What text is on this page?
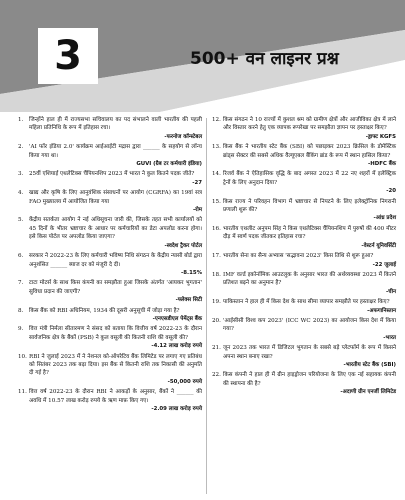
3	500+ वन लाइनर प्रश्न
1. जिन्होंने हाल ही में राज्यसभा सचिवालय का पद संभालने वाली भारतीय की पहली महिला प्रतिनिधि के रूप में इतिहास रचा।
-फरनोज कॉन्स्टेबल
2. 'AI फॉर इंडिया 2.0' कार्यक्रम आईआईटी मद्रास द्वारा ______ के सहयोग से लॉन्च किया गया था।
GUVI (ग्रैब टर कर्मचारी इंडिया)
3. 25वीं एशियाई एथलेटिक्स चैंपियनशिप 2023 में भारत ने कुल कितने पदक जीते?
-27
4. खाद्य और कृषि के लिए आनुवंशिक संसाधनों पर आयोग (CGRFA) का 19वां सत्र FAO मुख्यालय में आयोजित किया गया
-रोम
5. केंद्रीय सतर्कता आयोग ने नई अधिसूचना जारी की, जिसके तहत सभी कार्यालयों को 45 दिनों के भीतर भ्रष्टाचार के आधार पर कर्मचारियों का डेटा अपलोड करना होगा। इसे किस पोर्टल पर अपलोड किया जाएगा?
-स्वदेश ट्रैकर पोर्टल
6. सरकार ने 2022-23 के लिए कर्मचारी भविष्य निधि संगठन के केंद्रीय न्यासी बोर्ड द्वारा अनुशंसित ______ ब्याज दर को मंजूरी दे दी।
-8.15%
7. टाटा मोटर्स के साथ किस कंपनी का समझौता हुआ जिसके अंतर्गत 'आयकर भुगतान' सुविधा प्रदान की जाएगी?
-फ्लेक्स सिटी
8. किस बैंक को RBI अधिनियम, 1934 की दूसरी अनुसूची में जोड़ा गया है?
-एनएसडीएल पेमेंट्स बैंक
9. वित्त मंत्री निर्मला सीतारमण ने संसद को बताया कि वित्तीय वर्ष 2022-23 के दौरान सार्वजनिक क्षेत्र के बैंकों (PSB) ने कुल वसूली की कितनी राशि की वसूली की?
-4.12 लाख करोड़ रुपये
10. RBI ने जुलाई 2023 में ने नेशनल को-ऑपरेटिव बैंक लिमिटेड पर लगाए गए प्रतिबंध को सितंबर 2023 तक बढ़ा दिया। इस बैंक से कितनी राशि तक निकासी की अनुमति दी गई है?
-50,000 रुपये
11. वित्त वर्ष 2022-23 के दौरान RBI ने आकड़ों के अनुसार, बैंकों ने ______ की अवधि में 10.57 लाख करोड़ रुपये के ऋण माफ़ किए गए।
-2.09 लाख करोड़ रुपये
12. किस संगठन ने 10 राज्यों में कुशल श्रम को ग्रामीण क्षेत्रों और आजीविका क्षेत्र में लाने और विस्तार करने हेतु एक व्यापक रूपरेखा पर समझौता ज्ञापन पर हस्ताक्षर किए?
-ड्राफ्ट KGFS
13. किस बैंक ने भारतीय स्टेट बैंक (SBI) को पछाड़कर 2023 क्रिसिल के डोमेस्टिक ब्रांड्स सेक्टर की सबसे अधिक वैल्यूएबल बैंकिंग ब्रांड के रूप में स्थान हासिल किया?
-HDFC बैंक
14. रिजर्व बैंक ने ऐतिहासिक वृद्धि के बाद अगस्त 2023 में 22 नए शहरों में इलेक्ट्रिक ट्रेनों के लिए अनुदान दिया?
-20
15. किस राज्य ने परिवहन विभाग में भ्रष्टाचार से निपटने के लिए इलेक्ट्रॉनिक निगरानी प्रणाली शुरू की?
-आंध्र प्रदेश
16. भारतीय एथलीट अनुपम सिंह ने किस एथलेटिक्स चैंपियनशिप में पुरुषों की 400 मीटर दौड़ में स्वर्ण पदक जीतकर इतिहास रचा?
-वेस्टर्न यूनिवर्सिटी
17. भारतीय सेना का सैन्य अभ्यास 'सद्भावना 2023' किस तिथि से शुरू हुआ?
-22 जुलाई
18. IMF वर्ल्ड इकोनॉमिक आउटलुक के अनुसार भारत की अर्थव्यवस्था 2023 में कितने प्रतिशत बढ़ने का अनुमान है?
-चीन
19. पाकिस्तान ने हाल ही में किस देश के साथ सीमा व्यापार समझौते पर हस्ताक्षर किए?
-अफगानिस्तान
20. 'आईसीसी विश्व कप 2023' (ICC WC 2023) का आयोजन किस देश में किया गया?
-भारत
21. जून 2023 तक भारत में डिजिटल भुगतान के सबसे बड़े प्लेटफॉर्म के रूप में किसने अपना स्थान बनाए रखा?
-भारतीय स्टेट बैंक (SBI)
22. किस कंपनी ने हाल ही में ग्रीन हाइड्रोजन परियोजना के लिए एक नई सहायक कंपनी की स्थापना की है?
-अदाणी ग्रीन एनर्जी लिमिटेड
